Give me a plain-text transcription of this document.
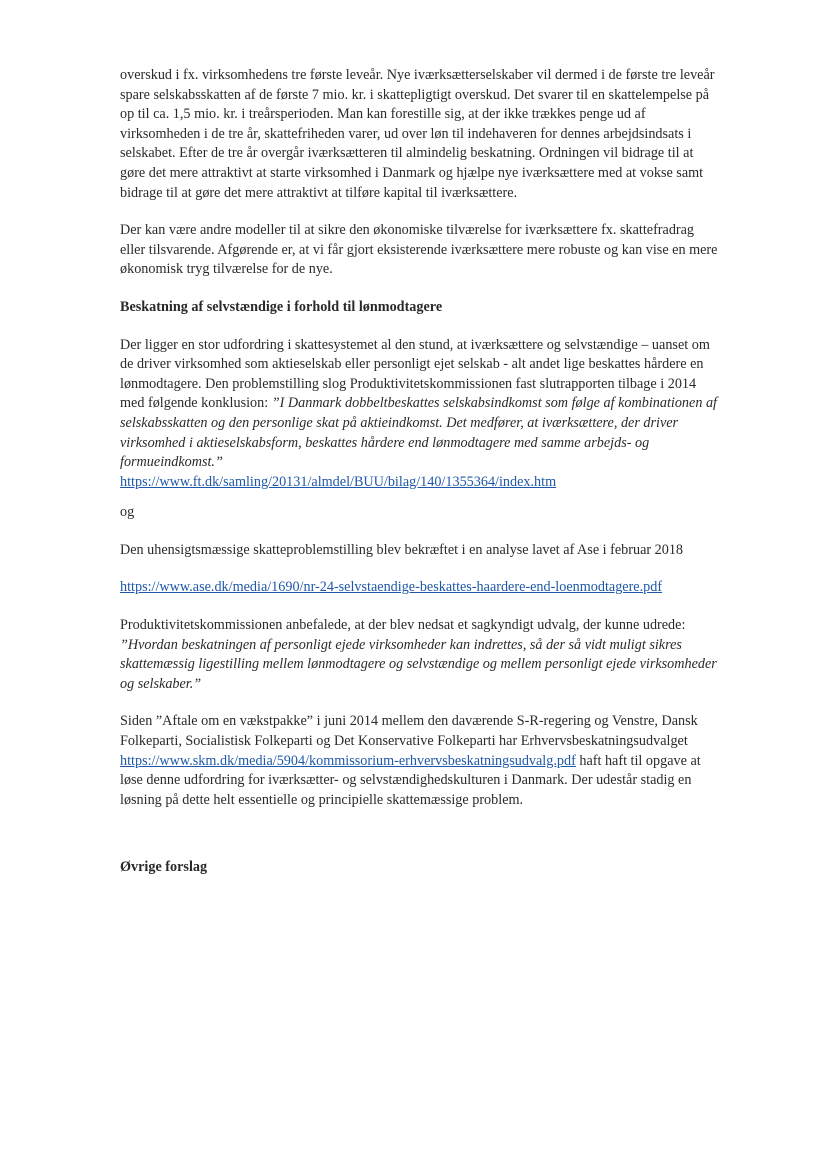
overskud i fx. virksomhedens tre første leveår. Nye iværksætterselskaber vil dermed i de første tre leveår spare selskabsskatten af de første 7 mio. kr. i skattepligtigt overskud. Det svarer til en skattelempelse på op til ca. 1,5 mio. kr. i treårsperioden. Man kan forestille sig, at der ikke trækkes penge ud af virksomheden i de tre år, skattefriheden varer, ud over løn til indehaveren for dennes arbejdsindsats i selskabet. Efter de tre år overgår iværksætteren til almindelig beskatning. Ordningen vil bidrage til at gøre det mere attraktivt at starte virksomhed i Danmark og hjælpe nye iværksættere med at vokse samt bidrage til at gøre det mere attraktivt at tilføre kapital til iværksættere.

Der kan være andre modeller til at sikre den økonomiske tilværelse for iværksættere fx. skattefradrag eller tilsvarende. Afgørende er, at vi får gjort eksisterende iværksættere mere robuste og kan vise en mere økonomisk tryg tilværelse for de nye.

Beskatning af selvstændige i forhold til lønmodtagere

Der ligger en stor udfordring i skattesystemet al den stund, at iværksættere og selvstændige – uanset om de driver virksomhed som aktieselskab eller personligt ejet selskab - alt andet lige beskattes hårdere en lønmodtagere. Den problemstilling slog Produktivitetskommissionen fast slutrapporten tilbage i 2014 med følgende konklusion: ”I Danmark dobbeltbeskattes selskabsindkomst som følge af kombinationen af selskabsskatten og den personlige skat på aktieindkomst. Det medfører, at iværksættere, der driver virksomhed i aktieselskabsform, beskattes hårdere end lønmodtagere med samme arbejds- og formueindkomst.”
https://www.ft.dk/samling/20131/almdel/BUU/bilag/140/1355364/index.htm

og

Den uhensigtsmæssige skatteproblemstilling blev bekræftet i en analyse lavet af Ase i februar 2018

https://www.ase.dk/media/1690/nr-24-selvstaendige-beskattes-haardere-end-loenmodtagere.pdf

Produktivitetskommissionen anbefalede, at der blev nedsat et sagkyndigt udvalg, der kunne udrede: ”Hvordan beskatningen af personligt ejede virksomheder kan indrettes, så der så vidt muligt sikres skattemæssig ligestilling mellem lønmodtagere og selvstændige og mellem personligt ejede virksomheder og selskaber.”

Siden ”Aftale om en vækstpakke” i juni 2014 mellem den daværende S-R-regering og Venstre, Dansk Folkeparti, Socialistisk Folkeparti og Det Konservative Folkeparti har Erhvervsbeskatningsudvalget
https://www.skm.dk/media/5904/kommissorium-erhvervsbeskatningsudvalg.pdf haft haft til opgave at løse denne udfordring for iværksætter- og selvstændighedskulturen i Danmark. Der udestår stadig en løsning på dette helt essentielle og principielle skattemæssige problem.

Øvrige forslag
